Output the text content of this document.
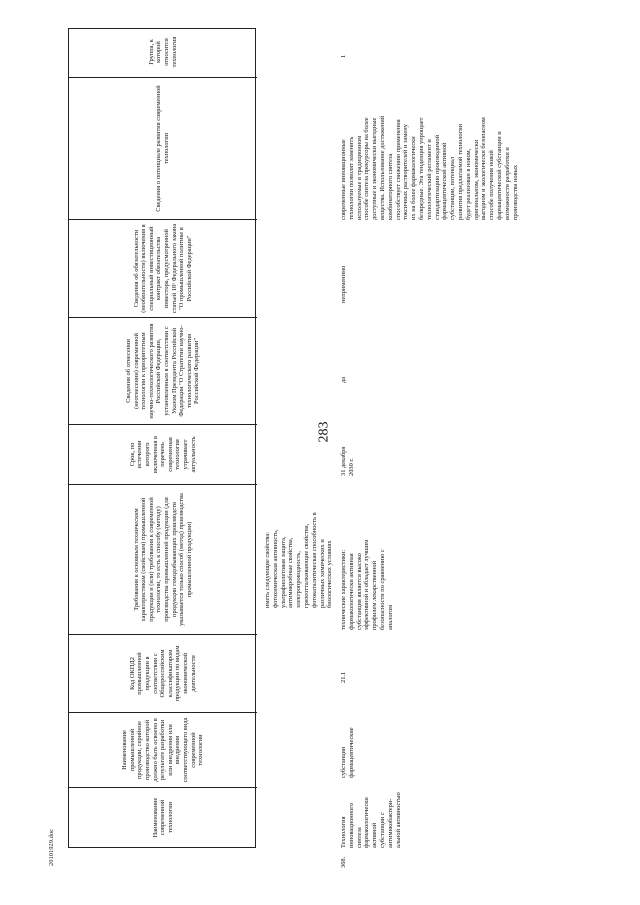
283
20101929.doc
Наименование современной технологии
Наименование промышленной продукции, серийное производство которой должно быть освоено в результате разработки или внедрения или внедрения соответствующего вида современной технологии
Код ОКПД2 промышленной продукции в соответствии с Общероссийским классификатором продукции по видам экономической деятельности
Требования к основным техническим характеристикам (свойствам) промышленной продукции и (или) требования к современной технологии, то есть к способу (методу) производства промышленной продукции (для продукции гомодобывающих производств указывается только способ (метод) производства промышленной продукции)
Срок, по истечении которого включенная в перечень современная технология утрачивает актуальность
Сведения об отнесении (неотнесении) современной технологии к приоритетным научно-технологического развития Российской Федерации, установленным в соответствии с Указом Президента Российской Федерации "О Стратегии научно-технологического развития Российской Федерации"
Сведения об обязательности (необязательности) включения в специальный инвестиционный контракт обязательства инвестора, предусмотренной статьей 18¹ Федерального закона "О промышленной политике в Российской Федерации"
Сведения о потенциале развития современной технологии
Группа, к которой относится технология
иметь следующие свойства: фотохимическая активность, ультрафиолетовая защита, антимикробные свойства, электропроводность, грязеотталкивающие свойства, фотокаталитическая способность в различных химических и биологических условиях
368.
Технология
инновационного
синтеза
фармакологически
активной
субстанции с
антимикобактери-
альной активностью
субстанции
фармацевтические
21.1
технические характеристики:
фармакологически активная
субстанция является высоко
эффективной и обладает лучшим
профилем лекарственной
безопасности по сравнению с
аналогом
31 декабря
2030 г.
да
неприменимо
современные инновационные
технологии позволят заменить
используемые в традиционном
способе синтеза прекурсоры на более
доступные и экономически выгодные
вещества. Использование достижений
комбинаторного синтеза
способствует снижению применения
токсичных растворителей и замену
их на более фармакологически
безвредные. Эта тенденция упрощает
технологический регламент и
стандартизацию производимой
фармацевтической активной
субстанции, потенциал
развития предлагаемой технологии
будет реализован в новом,
оригинальном, экономически
выгодном и экологически безопасном
способе получения новой
фармацевтической субстанции и
возможности разработки и
производства новых
1
